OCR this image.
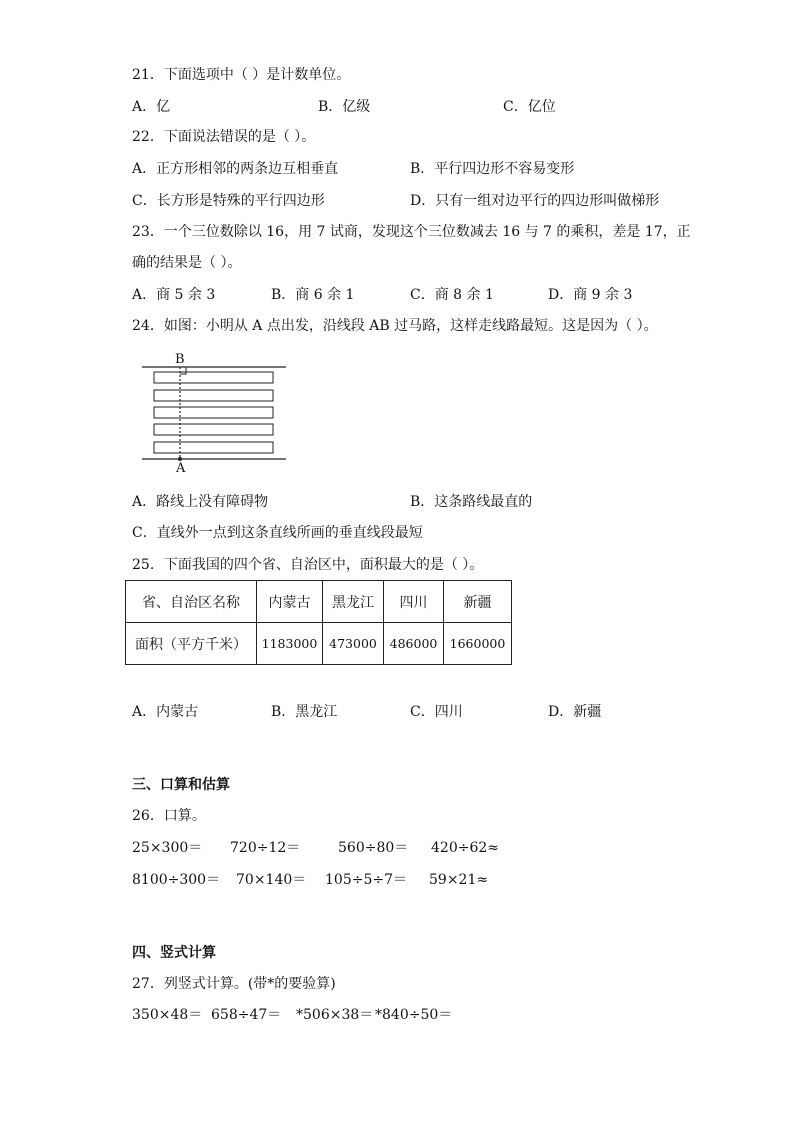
21．下面选项中（ ）是计数单位。
A．亿	B．亿级	C．亿位
22．下面说法错误的是（ ）。
A．正方形相邻的两条边互相垂直	B．平行四边形不容易变形
C．长方形是特殊的平行四边形	D．只有一组对边平行的四边形叫做梯形
23．一个三位数除以 16，用 7 试商，发现这个三位数减去 16 与 7 的乘积，差是 17，正
确的结果是（ ）。
A．商 5 余 3	B．商 6 余 1	C．商 8 余 1	D．商 9 余 3
24．如图：小明从 A 点出发，沿线段 AB 过马路，这样走线路最短。这是因为（ ）。
B
A
A．路线上没有障碍物	B．这条路线最直的
C．直线外一点到这条直线所画的垂直线段最短
25．下面我国的四个省、自治区中，面积最大的是（ ）。
省、自治区名称	内蒙古	黑龙江	四川	新疆
面积（平方千米）	1183000	473000	486000	1660000
A．内蒙古	B．黑龙江	C．四川	D．新疆
三、口算和估算
26．口算。
25×300＝ 720÷12＝	560÷80＝ 420÷62≈
8100÷300＝ 70×140＝ 105÷5÷7＝ 59×21≈
四、竖式计算
27．列竖式计算。(带*的要验算)
350×48＝ 658÷47＝ *506×38＝ *840÷50＝
